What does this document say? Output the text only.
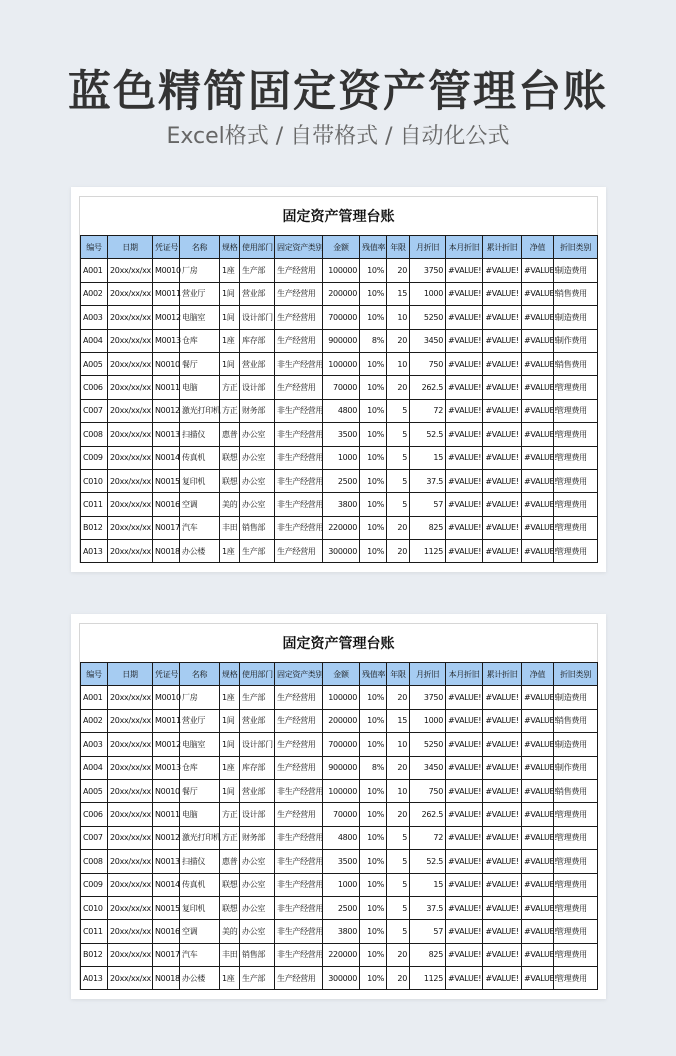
蓝色精简固定资产管理台账
Excel格式 / 自带格式 / 自动化公式
固定资产管理台账
编号	日期	凭证号	名称	规格	使用部门	固定资产类别	金额	残值率	年限	月折旧	本月折旧	累计折旧	净值	折旧类别
A001	20xx/xx/xx	M0010	厂房	1座	生产部	生产经营用	100000	10%	20	3750	#VALUE!	#VALUE!	#VALUE!	制造费用
A002	20xx/xx/xx	M0011	营业厅	1间	营业部	生产经营用	200000	10%	15	1000	#VALUE!	#VALUE!	#VALUE!	销售费用
A003	20xx/xx/xx	M0012	电脑室	1间	设计部门	生产经营用	700000	10%	10	5250	#VALUE!	#VALUE!	#VALUE!	制造费用
A004	20xx/xx/xx	M0013	仓库	1座	库存部	生产经营用	900000	8%	20	3450	#VALUE!	#VALUE!	#VALUE!	制作费用
A005	20xx/xx/xx	N0010	餐厅	1间	营业部	非生产经营用	100000	10%	10	750	#VALUE!	#VALUE!	#VALUE!	销售费用
C006	20xx/xx/xx	N0011	电脑	方正	设计部	生产经营用	70000	10%	20	262.5	#VALUE!	#VALUE!	#VALUE!	管理费用
C007	20xx/xx/xx	N0012	激光打印机	方正	财务部	非生产经营用	4800	10%	5	72	#VALUE!	#VALUE!	#VALUE!	管理费用
C008	20xx/xx/xx	N0013	扫描仪	惠普	办公室	非生产经营用	3500	10%	5	52.5	#VALUE!	#VALUE!	#VALUE!	管理费用
C009	20xx/xx/xx	N0014	传真机	联想	办公室	非生产经营用	1000	10%	5	15	#VALUE!	#VALUE!	#VALUE!	管理费用
C010	20xx/xx/xx	N0015	复印机	联想	办公室	非生产经营用	2500	10%	5	37.5	#VALUE!	#VALUE!	#VALUE!	管理费用
C011	20xx/xx/xx	N0016	空调	美的	办公室	非生产经营用	3800	10%	5	57	#VALUE!	#VALUE!	#VALUE!	管理费用
B012	20xx/xx/xx	N0017	汽车	丰田	销售部	非生产经营用	220000	10%	20	825	#VALUE!	#VALUE!	#VALUE!	管理费用
A013	20xx/xx/xx	N0018	办公楼	1座	生产部	生产经营用	300000	10%	20	1125	#VALUE!	#VALUE!	#VALUE!	管理费用
固定资产管理台账
编号	日期	凭证号	名称	规格	使用部门	固定资产类别	金额	残值率	年限	月折旧	本月折旧	累计折旧	净值	折旧类别
A001	20xx/xx/xx	M0010	厂房	1座	生产部	生产经营用	100000	10%	20	3750	#VALUE!	#VALUE!	#VALUE!	制造费用
A002	20xx/xx/xx	M0011	营业厅	1间	营业部	生产经营用	200000	10%	15	1000	#VALUE!	#VALUE!	#VALUE!	销售费用
A003	20xx/xx/xx	M0012	电脑室	1间	设计部门	生产经营用	700000	10%	10	5250	#VALUE!	#VALUE!	#VALUE!	制造费用
A004	20xx/xx/xx	M0013	仓库	1座	库存部	生产经营用	900000	8%	20	3450	#VALUE!	#VALUE!	#VALUE!	制作费用
A005	20xx/xx/xx	N0010	餐厅	1间	营业部	非生产经营用	100000	10%	10	750	#VALUE!	#VALUE!	#VALUE!	销售费用
C006	20xx/xx/xx	N0011	电脑	方正	设计部	生产经营用	70000	10%	20	262.5	#VALUE!	#VALUE!	#VALUE!	管理费用
C007	20xx/xx/xx	N0012	激光打印机	方正	财务部	非生产经营用	4800	10%	5	72	#VALUE!	#VALUE!	#VALUE!	管理费用
C008	20xx/xx/xx	N0013	扫描仪	惠普	办公室	非生产经营用	3500	10%	5	52.5	#VALUE!	#VALUE!	#VALUE!	管理费用
C009	20xx/xx/xx	N0014	传真机	联想	办公室	非生产经营用	1000	10%	5	15	#VALUE!	#VALUE!	#VALUE!	管理费用
C010	20xx/xx/xx	N0015	复印机	联想	办公室	非生产经营用	2500	10%	5	37.5	#VALUE!	#VALUE!	#VALUE!	管理费用
C011	20xx/xx/xx	N0016	空调	美的	办公室	非生产经营用	3800	10%	5	57	#VALUE!	#VALUE!	#VALUE!	管理费用
B012	20xx/xx/xx	N0017	汽车	丰田	销售部	非生产经营用	220000	10%	20	825	#VALUE!	#VALUE!	#VALUE!	管理费用
A013	20xx/xx/xx	N0018	办公楼	1座	生产部	生产经营用	300000	10%	20	1125	#VALUE!	#VALUE!	#VALUE!	管理费用
